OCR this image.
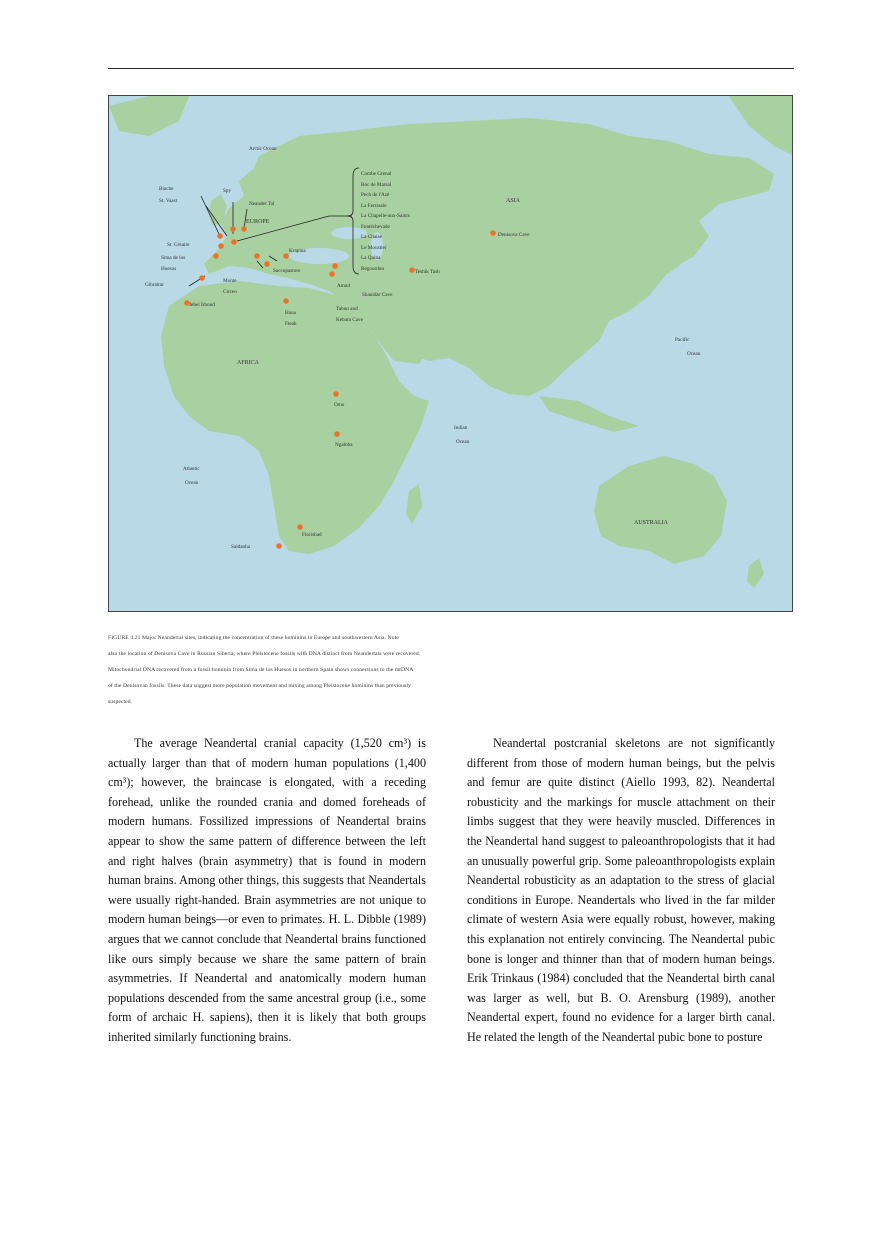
Arctic Ocean
EUROPE
ASIA
AFRICA
AUSTRALIA
Atlantic
Ocean
Indian
Ocean
Pacific
Ocean
Biache
St. Vaast
Spy
Neander Tal
St. Césaire
Sima de los
Huesos
Gibraltar
Monte
Circeo
Krapina
Saccopastore
Jebel Irhoud
Haua
Fteah
Amud
Tabun and
Kebara Cave
Shanidar Cave
Teshik Tash
Denisova Cave
Omo
Ngaloba
Florisbad
Saldanha
Combe Grenal
Roc de Marsal
Pech de l'Azé
La Ferrassie
La Chapelle-aux-Saints
Fontéchevade
La Chaise
Le Moustier
La Quina
Regourdou

FIGURE 4.21 Major Neandertal sites, indicating the concentration of these hominins in Europe and southwestern Asia. Note

also the location of Denisova Cave in Russian Siberia, where Pleistocene fossils with DNA distinct from Neandertals were recovered.

Mitochondrial DNA recovered from a fossil hominin from Sima de los Huesos in northern Spain shows connections to the mtDNA

of the Denisovan fossils. These data suggest more population movement and mixing among Pleistocene hominins than previously

suspected.

The average Neandertal cranial capacity (1,520 cm³) is actually larger than that of modern human populations (1,400 cm³); however, the braincase is elongated, with a receding forehead, unlike the rounded crania and domed foreheads of modern humans. Fossilized impressions of Neandertal brains appear to show the same pattern of difference between the left and right halves (brain asymmetry) that is found in modern human brains. Among other things, this suggests that Neandertals were usually right-handed. Brain asymmetries are not unique to modern human beings—or even to primates. H. L. Dibble (1989) argues that we cannot conclude that Neandertal brains functioned like ours simply because we share the same pattern of brain asymmetries. If Neandertal and anatomically modern human populations descended from the same ancestral group (i.e., some form of archaic H. sapiens), then it is likely that both groups inherited similarly functioning brains.

Neandertal postcranial skeletons are not significantly different from those of modern human beings, but the pelvis and femur are quite distinct (Aiello 1993, 82). Neandertal robusticity and the markings for muscle attachment on their limbs suggest that they were heavily muscled. Differences in the Neandertal hand suggest to paleoanthropologists that it had an unusually powerful grip. Some paleoanthropologists explain Neandertal robusticity as an adaptation to the stress of glacial conditions in Europe. Neandertals who lived in the far milder climate of western Asia were equally robust, however, making this explanation not entirely convincing. The Neandertal pubic bone is longer and thinner than that of modern human beings. Erik Trinkaus (1984) concluded that the Neandertal birth canal was larger as well, but B. O. Arensburg (1989), another Neandertal expert, found no evidence for a larger birth canal. He related the length of the Neandertal pubic bone to posture
